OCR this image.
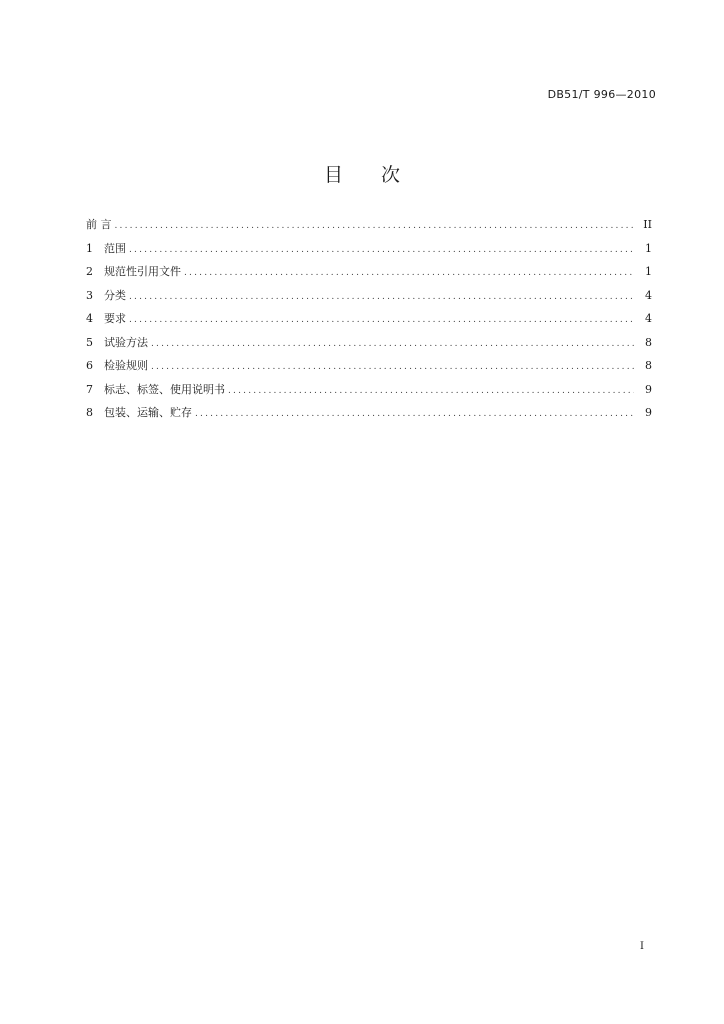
DB51/T 996—2010
目 次
前 言 .....	II
1	范围 .....	1
2	规范性引用文件 .....	1
3	分类 .....	4
4	要求 .....	4
5	试验方法 .....	8
6	检验规则 .....	8
7	标志、标签、使用说明书 .....	9
8	包装、运输、贮存 .....	9
I
